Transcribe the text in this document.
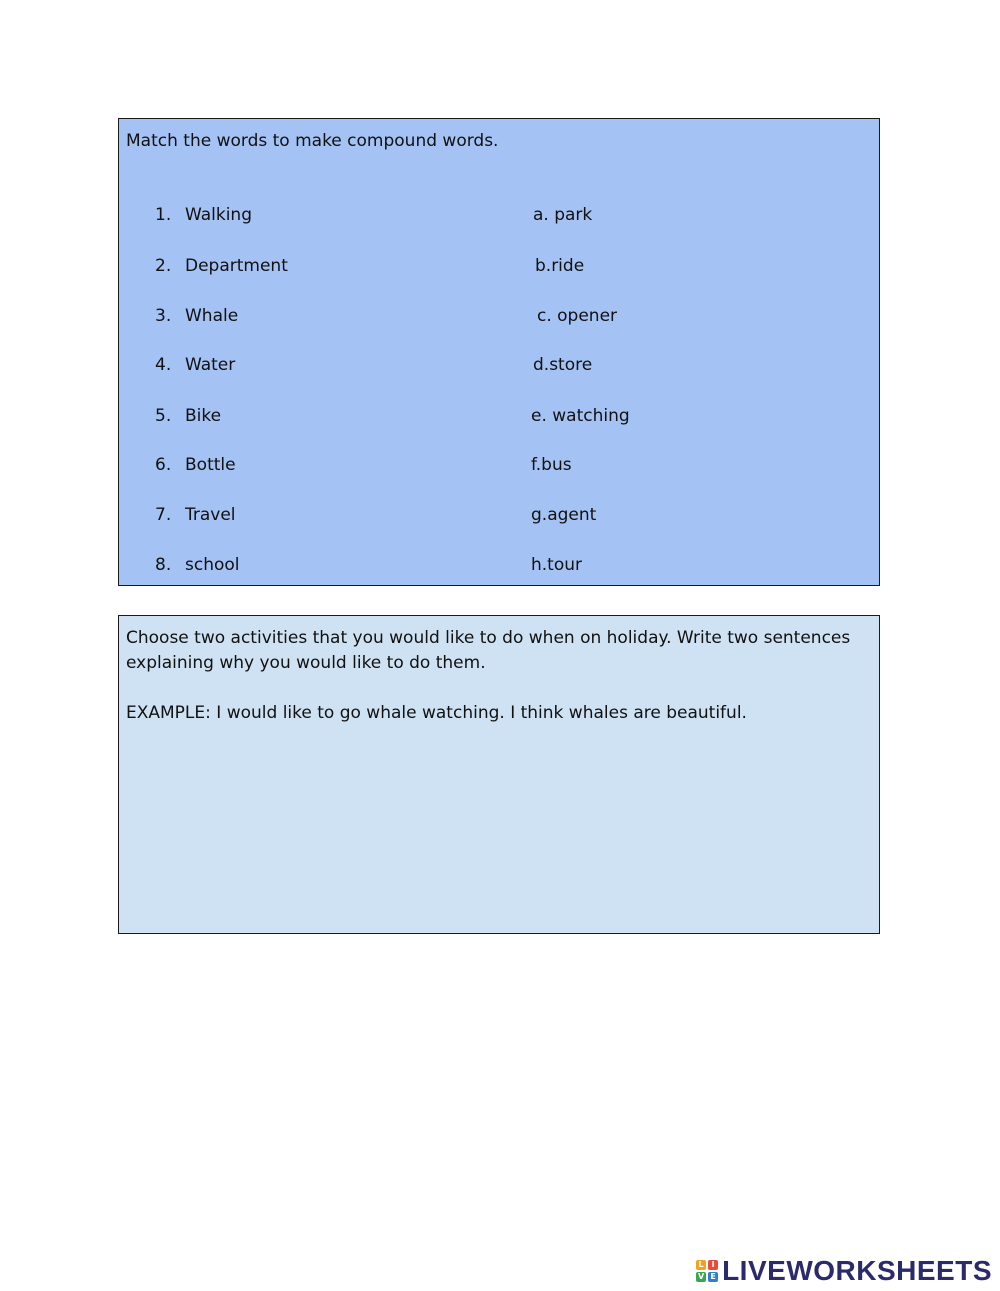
Match the words to make compound words.
1. Walking	a. park
2. Department	b.ride
3. Whale	c. opener
4. Water	d.store
5. Bike	e. watching
6. Bottle	f.bus
7. Travel	g.agent
8. school	h.tour
Choose two activities that you would like to do when on holiday. Write two sentences explaining why you would like to do them.
EXAMPLE: I would like to go whale watching. I think whales are beautiful.
L I
V E LIVEWORKSHEETS
